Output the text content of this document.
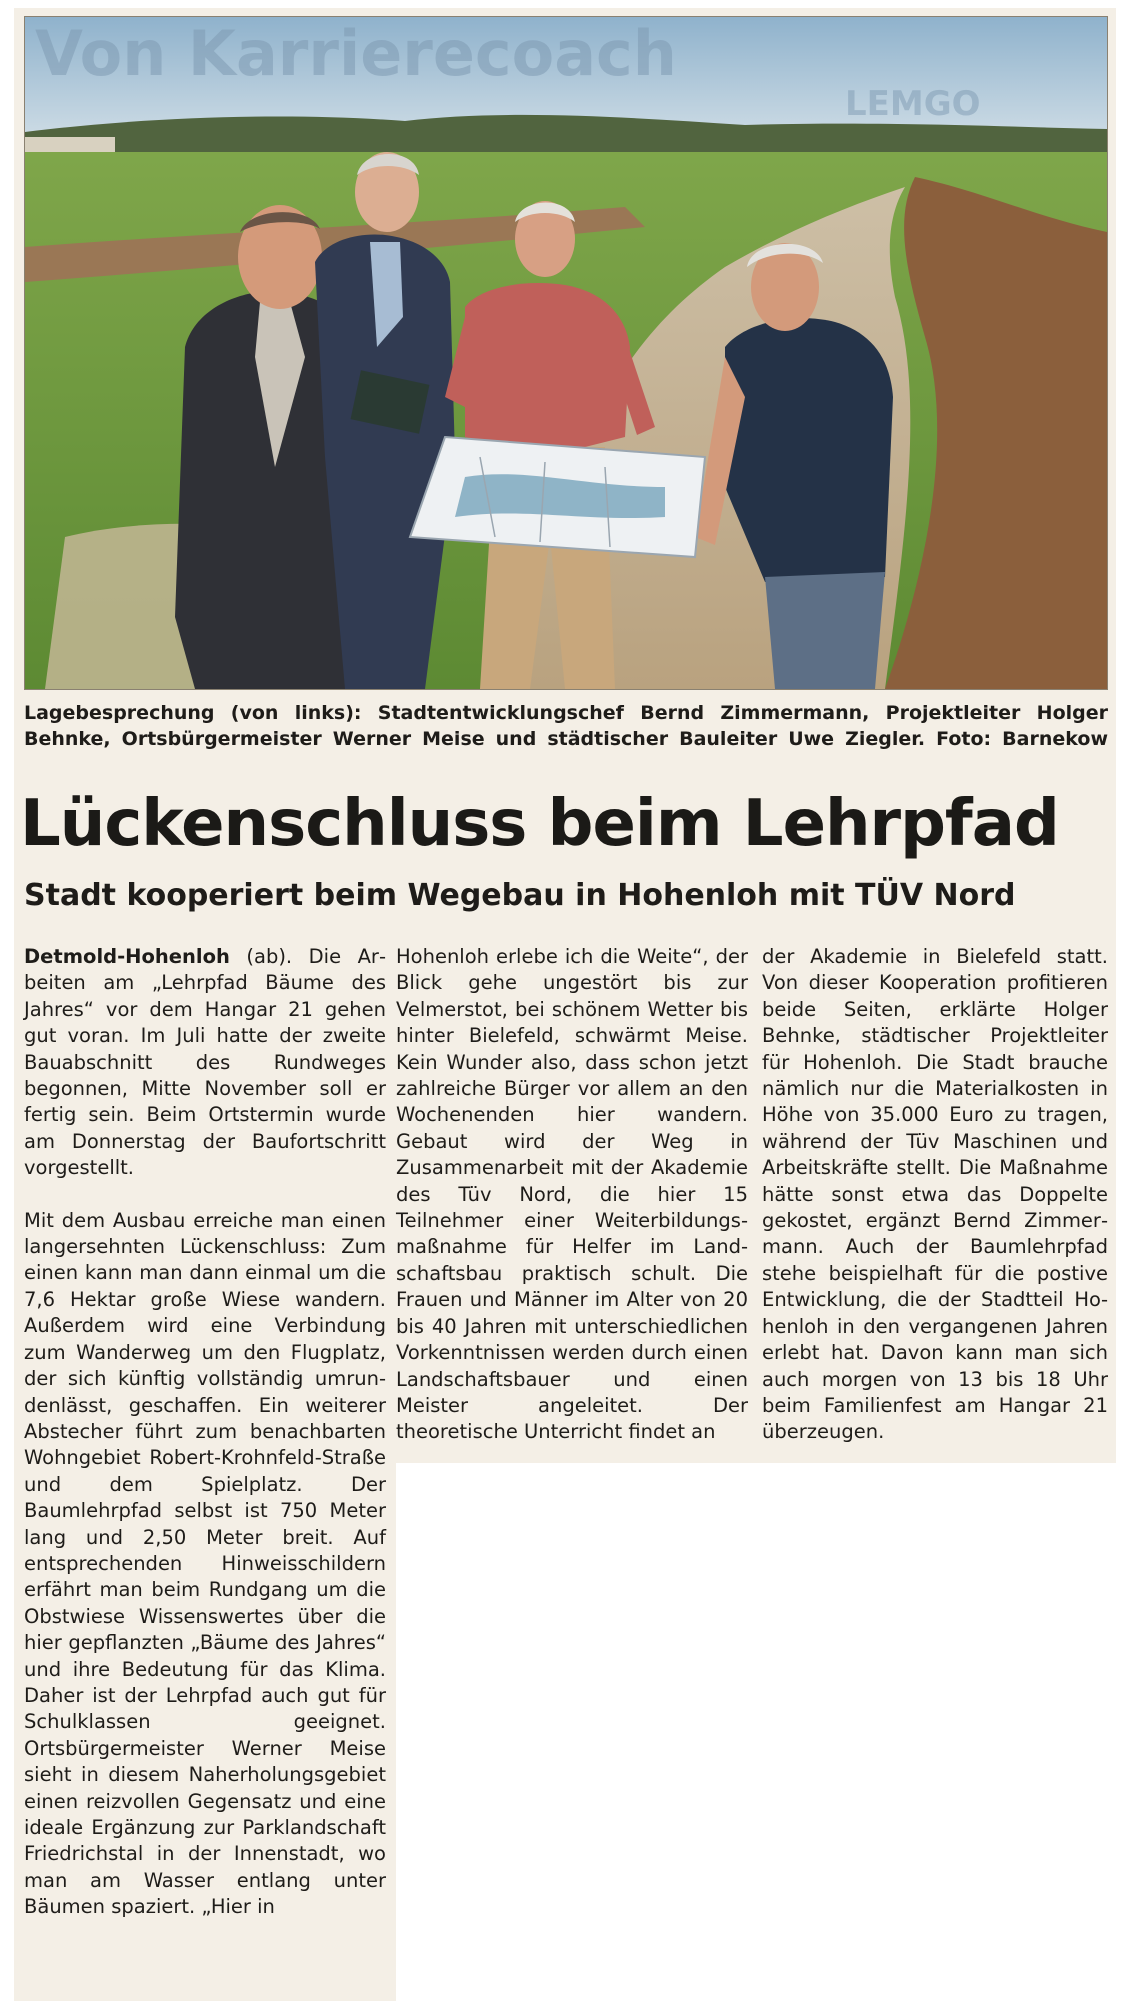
Von Karrierecoach
LEMGO
Lagebesprechung (von links): Stadtentwicklungschef Bernd Zimmermann, Projektleiter Holger
Behnke, Ortsbürgermeister Werner Meise und städtischer Bauleiter Uwe Ziegler. Foto: Barnekow
Lückenschluss beim Lehrpfad
Stadt kooperiert beim Wegebau in Hohenloh mit TÜV Nord

Detmold-Hohenloh (ab). Die Arbeiten am „Lehrpfad Bäume des Jahres“ vor dem Hangar 21 gehen gut voran. Im Juli hatte der zweite Bauabschnitt des Rundweges begonnen, Mitte November soll er fertig sein. Beim Ortstermin wurde am Donnerstag der Baufortschritt vorgestellt.

Mit dem Ausbau erreiche man einen langersehnten Lückenschluss: Zum einen kann man dann einmal um die 7,6 Hektar große Wiese wandern. Außerdem wird eine Verbindung zum Wanderweg um den Flugplatz, der sich künftig vollständig umrundenlässt, geschaffen. Ein weiterer Abstecher führt zum benachbarten Wohngebiet Robert-Krohnfeld-Straße und dem Spielplatz. Der Baumlehrpfad selbst ist 750 Meter lang und 2,50 Meter breit. Auf entsprechenden Hinweisschildern erfährt man beim Rundgang um die Obstwiese Wissenswertes über die hier gepflanzten „Bäume des Jahres“ und ihre Bedeutung für das Klima. Daher ist der Lehrpfad auch gut für Schulklassen geeignet. Ortsbürgermeister Werner Meise sieht in diesem Naherholungsgebiet einen reizvollen Gegensatz und eine ideale Ergänzung zur Parklandschaft Friedrichstal in der Innenstadt, wo man am Wasser entlang unter Bäumen spaziert. „Hier in

Hohenloh erlebe ich die Weite“, der Blick gehe ungestört bis zur Velmerstot, bei schönem Wetter bis hinter Bielefeld, schwärmt Meise. Kein Wunder also, dass schon jetzt zahlreiche Bürger vor allem an den Wochenenden hier wandern. Gebaut wird der Weg in Zusammenarbeit mit der Akademie des Tüv Nord, die hier 15 Teilnehmer einer Weiterbildungsmaßnahme für Helfer im Landschaftsbau praktisch schult. Die Frauen und Männer im Alter von 20 bis 40 Jahren mit unterschiedlichen Vorkenntnissen werden durch einen Landschaftsbauer und einen Meister angeleitet. Der theoretische Unterricht findet an

der Akademie in Bielefeld statt. Von dieser Kooperation profitieren beide Seiten, erklärte Holger Behnke, städtischer Projektleiter für Hohenloh. Die Stadt brauche nämlich nur die Materialkosten in Höhe von 35.000 Euro zu tragen, während der Tüv Maschinen und Arbeitskräfte stellt. Die Maßnahme hätte sonst etwa das Doppelte gekostet, ergänzt Bernd Zimmermann. Auch der Baumlehrpfad stehe beispielhaft für die postive Entwicklung, die der Stadtteil Hohenloh in den vergangenen Jahren erlebt hat. Davon kann man sich auch morgen von 13 bis 18 Uhr beim Familienfest am Hangar 21 überzeugen.
